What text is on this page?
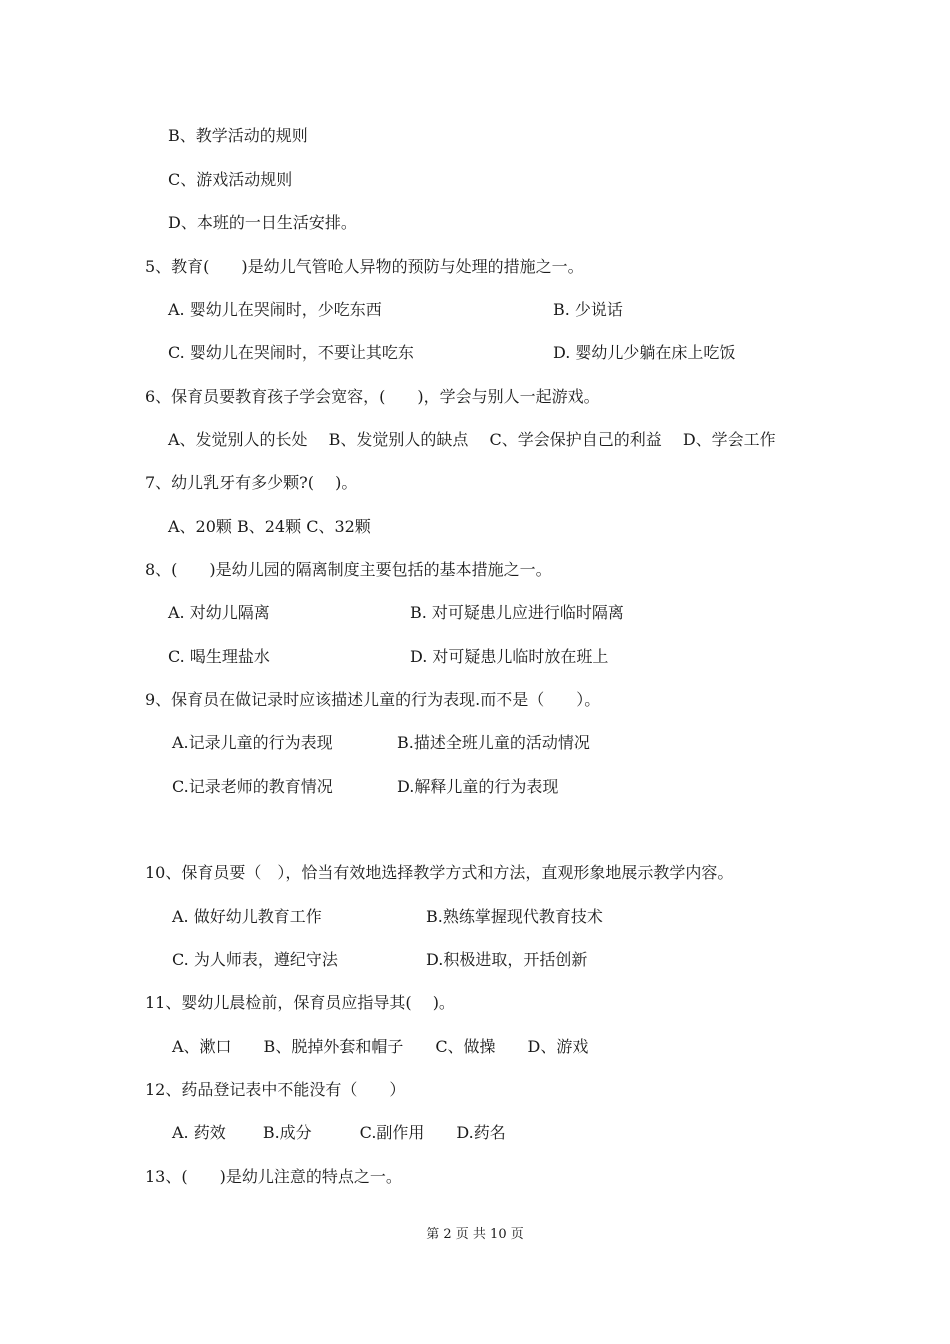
B、教学活动的规则
C、游戏活动规则
D、本班的一日生活安排。
5、教育(　　)是幼儿气管呛人异物的预防与处理的措施之一。
A. 婴幼儿在哭闹时，少吃东西	B. 少说话
C. 婴幼儿在哭闹时，不要让其吃东	D. 婴幼儿少躺在床上吃饭
6、保育员要教育孩子学会宽容，(　　)，学会与别人一起游戏。
A、发觉别人的长处　 B、发觉别人的缺点　 C、学会保护自己的利益　 D、学会工作
7、幼儿乳牙有多少颗?(　 )。
A、20颗 B、24颗 C、32颗
8、(　　)是幼儿园的隔离制度主要包括的基本措施之一。
A. 对幼儿隔离	B. 对可疑患儿应进行临时隔离
C. 喝生理盐水	D. 对可疑患儿临时放在班上
9、保育员在做记录时应该描述儿童的行为表现.而不是（　　）。
A.记录儿童的行为表现	B.描述全班儿童的活动情况
C.记录老师的教育情况	D.解释儿童的行为表现
10、保育员要（　），恰当有效地选择教学方式和方法，直观形象地展示教学内容。
A. 做好幼儿教育工作	B.熟练掌握现代教育技术
C. 为人师表，遵纪守法	D.积极进取，开括创新
11、婴幼儿晨检前，保育员应指导其(　 )。
A、漱口　　B、脱掉外套和帽子　　C、做操　　D、游戏
12、药品登记表中不能没有（　　）
A. 药效　　 B.成分　　　C.副作用　　D.药名
13、(　　)是幼儿注意的特点之一。
第 2 页 共 10 页
